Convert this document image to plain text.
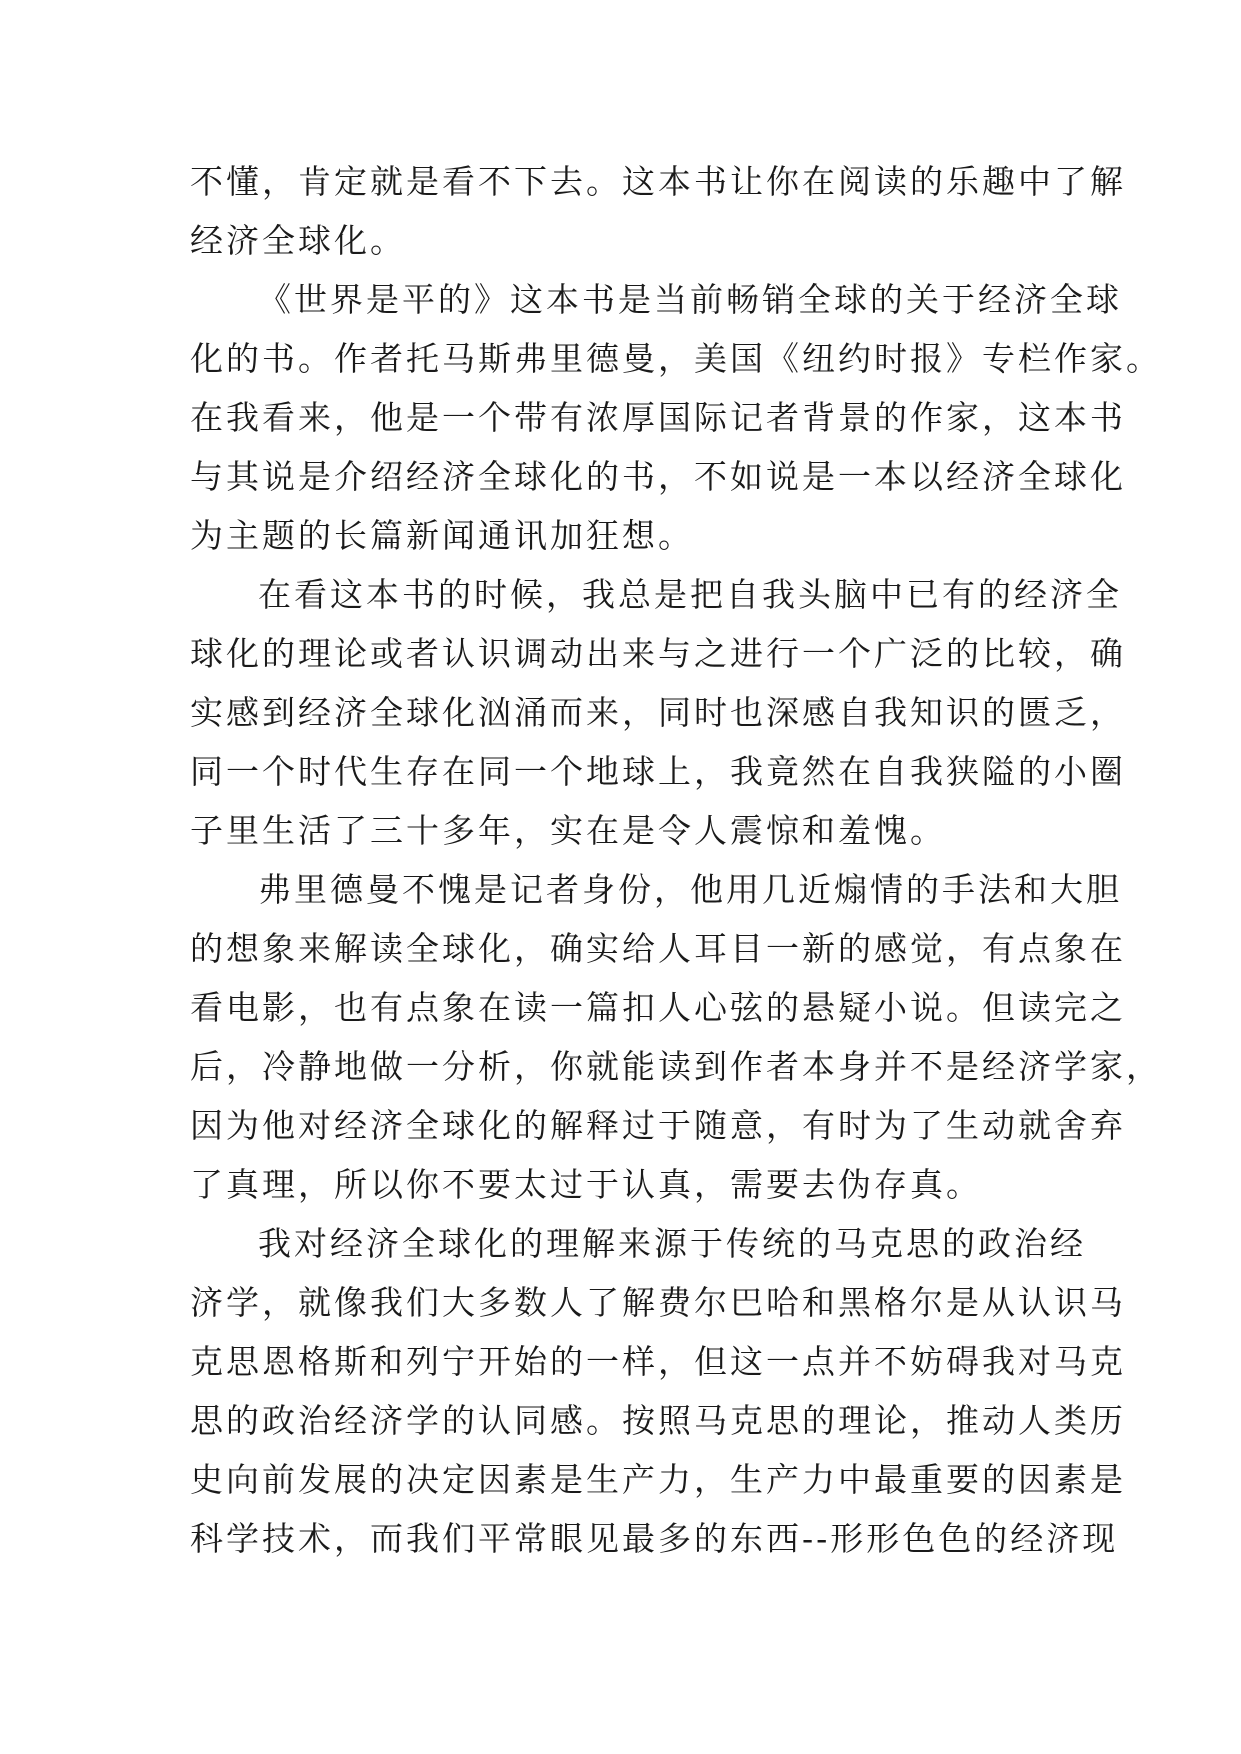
不懂，肯定就是看不下去。这本书让你在阅读的乐趣中了解
经济全球化。
《世界是平的》这本书是当前畅销全球的关于经济全球
化的书。作者托马斯弗里德曼，美国《纽约时报》专栏作家。
在我看来，他是一个带有浓厚国际记者背景的作家，这本书
与其说是介绍经济全球化的书，不如说是一本以经济全球化
为主题的长篇新闻通讯加狂想。
在看这本书的时候，我总是把自我头脑中已有的经济全
球化的理论或者认识调动出来与之进行一个广泛的比较，确
实感到经济全球化汹涌而来，同时也深感自我知识的匮乏，
同一个时代生存在同一个地球上，我竟然在自我狭隘的小圈
子里生活了三十多年，实在是令人震惊和羞愧。
弗里德曼不愧是记者身份，他用几近煽情的手法和大胆
的想象来解读全球化，确实给人耳目一新的感觉，有点象在
看电影，也有点象在读一篇扣人心弦的悬疑小说。但读完之
后，冷静地做一分析，你就能读到作者本身并不是经济学家，
因为他对经济全球化的解释过于随意，有时为了生动就舍弃
了真理，所以你不要太过于认真，需要去伪存真。
我对经济全球化的理解来源于传统的马克思的政治经
济学，就像我们大多数人了解费尔巴哈和黑格尔是从认识马
克思恩格斯和列宁开始的一样，但这一点并不妨碍我对马克
思的政治经济学的认同感。按照马克思的理论，推动人类历
史向前发展的决定因素是生产力，生产力中最重要的因素是
科学技术，而我们平常眼见最多的东西--形形色色的经济现
